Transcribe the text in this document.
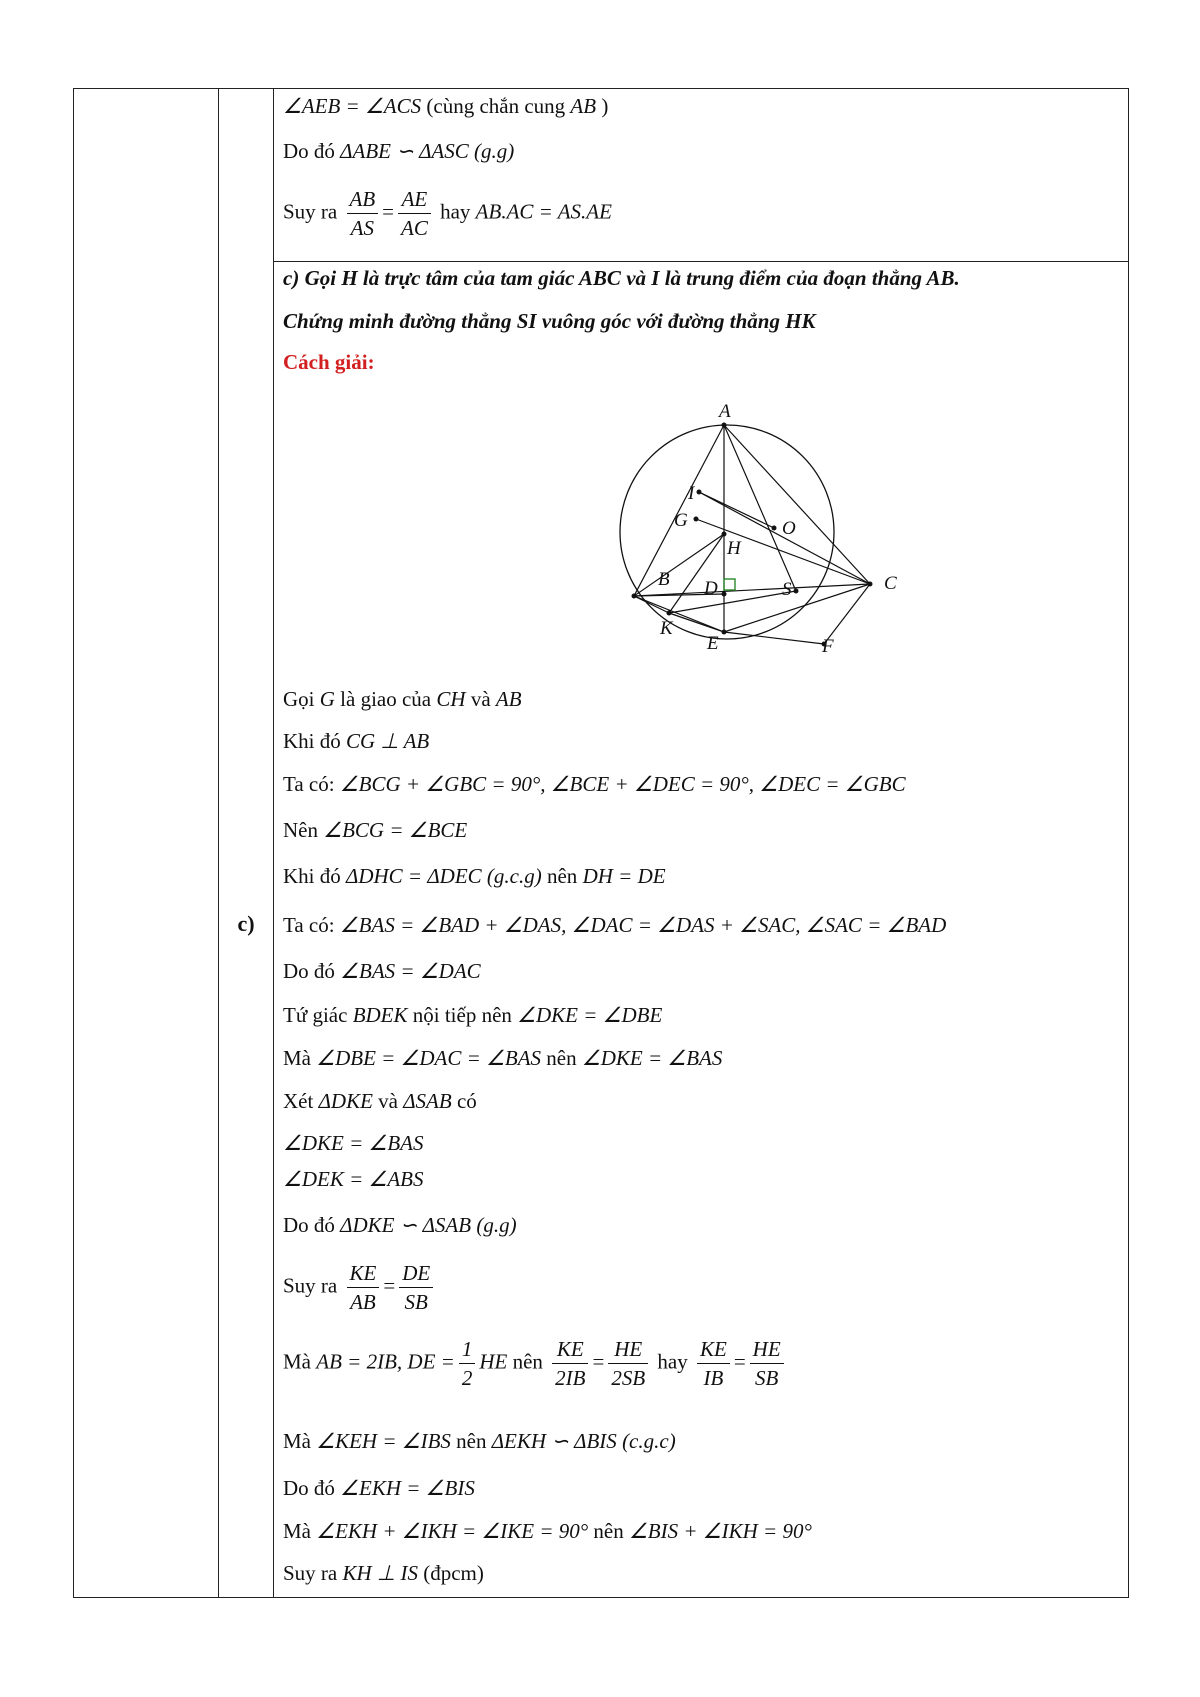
c)
∠AEB = ∠ACS (cùng chắn cung AB )
Do đó ΔABE ∽ ΔASC (g.g)
Suy ra $\frac{AB}{AS} = \frac{AE}{AC}$ hay AB.AC = AS.AE
c) Gọi H là trực tâm của tam giác ABC và I là trung điểm của đoạn thẳng AB.
Chứng minh đường thẳng SI vuông góc với đường thẳng HK
Cách giải:
A
I
G	O
H
B D	S	C
K
E	F
Gọi G là giao của CH và AB
Khi đó CG ⊥ AB
Ta có: ∠BCG + ∠GBC = 90°, ∠BCE + ∠DEC = 90°, ∠DEC = ∠GBC
Nên ∠BCG = ∠BCE
Khi đó ΔDHC = ΔDEC (g.c.g) nên DH = DE
Ta có: ∠BAS = ∠BAD + ∠DAS, ∠DAC = ∠DAS + ∠SAC, ∠SAC = ∠BAD
Do đó ∠BAS = ∠DAC
Tứ giác BDEK nội tiếp nên ∠DKE = ∠DBE
Mà ∠DBE = ∠DAC = ∠BAS nên ∠DKE = ∠BAS
Xét ΔDKE và ΔSAB có
∠DKE = ∠BAS
∠DEK = ∠ABS
Do đó ΔDKE ∽ ΔSAB (g.g)
Suy ra $\frac{KE}{AB} = \frac{DE}{SB}$
Mà AB = 2IB, DE = $\frac{1}{2}$ HE nên $\frac{KE}{2IB} = \frac{HE}{2SB}$ hay $\frac{KE}{IB} = \frac{HE}{SB}$
Mà ∠KEH = ∠IBS nên ΔEKH ∽ ΔBIS (c.g.c)
Do đó ∠EKH = ∠BIS
Mà ∠EKH + ∠IKH = ∠IKE = 90° nên ∠BIS + ∠IKH = 90°
Suy ra KH ⊥ IS (đpcm)
